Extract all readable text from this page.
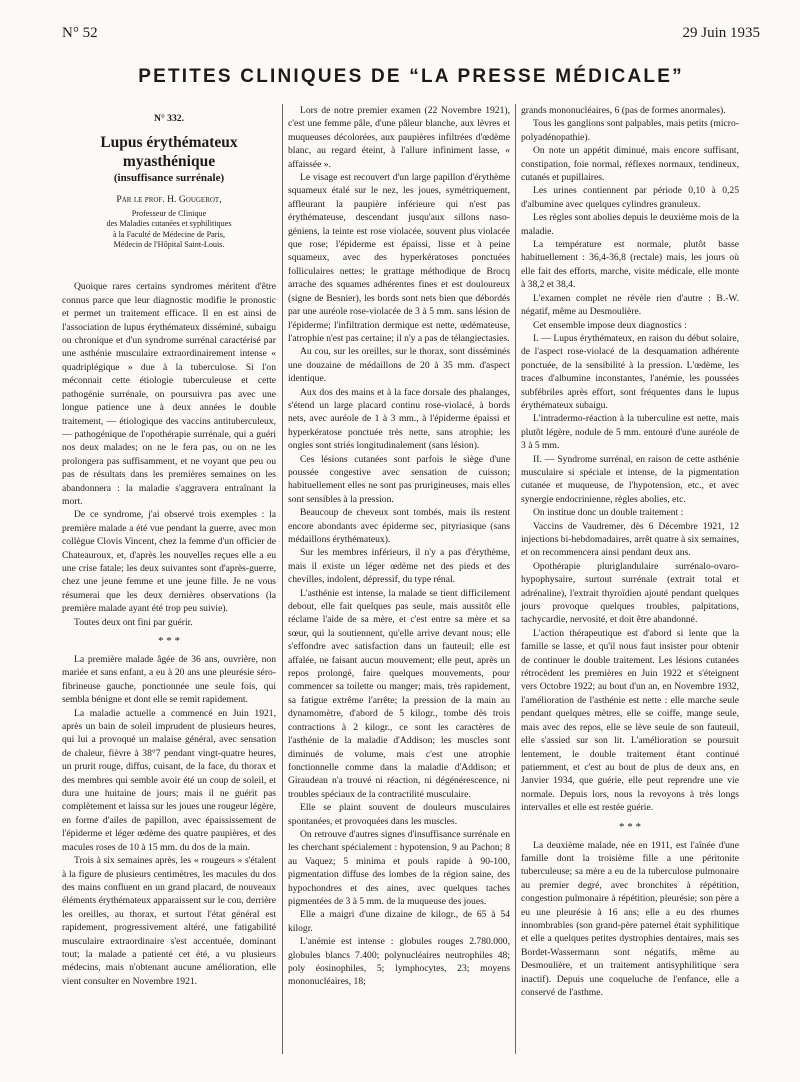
N° 52	29 Juin 1935
PETITES CLINIQUES DE “LA PRESSE MÉDICALE”

N° 332.

Lupus érythémateux

myasthénique

(insuffisance surrénale)

Par le prof. H. Gougerot,

Professeur de Clinique
des Maladies cutanées et syphilitiques
à la Faculté de Médecine de Paris,
Médecin de l'Hôpital Saint-Louis.

Quoique rares certains syndromes méritent d'être connus parce que leur diagnostic modifie le pronostic et permet un traitement efficace. Il en est ainsi de l'association de lupus érythémateux disséminé, subaigu ou chronique et d'un syndrome surrénal caractérisé par une asthénie musculaire extraordinairement intense « quadriplégique » due à la tuberculose. Si l'on méconnait cette étiologie tuberculeuse et cette pathogénie surrénale, on poursuivra pas avec une longue patience une à deux années le double traitement, — étiologique des vaccins antituberculeux, — pathogénique de l'opothérapie surrénale, qui a guéri nos deux malades; on ne le fera pas, ou on ne les prolongera pas suffisamment, et ne voyant que peu ou pas de résultats dans les premières semaines on les abandonnera : la maladie s'aggravera entraînant la mort.

De ce syndrome, j'ai observé trois exemples : la première malade a été vue pendant la guerre, avec mon collègue Clovis Vincent, chez la femme d'un officier de Chateauroux, et, d'après les nouvelles reçues elle a eu une crise fatale; les deux suivantes sont d'après-guerre, chez une jeune femme et une jeune fille. Je ne vous résumerai que les deux dernières observations (la première malade ayant été trop peu suivie).

Toutes deux ont fini par guérir.

* * *

La première malade âgée de 36 ans, ouvrière, non mariée et sans enfant, a eu à 20 ans une pleurésie séro-fibrineuse gauche, ponctionnée une seule fois, qui sembla bénigne et dont elle se remit rapidement.

La maladie actuelle a commencé en Juin 1921, après un bain de soleil imprudent de plusieurs heures, qui lui a provoqué un malaise général, avec sensation de chaleur, fièvre à 38°7 pendant vingt-quatre heures, un prurit rouge, diffus, cuisant, de la face, du thorax et des membres qui semble avoir été un coup de soleil, et dura une huitaine de jours; mais il ne guérit pas complètement et laissa sur les joues une rougeur légère, en forme d'ailes de papillon, avec épaississement de l'épiderme et léger œdème des quatre paupières, et des macules roses de 10 à 15 mm. du dos de la main.

Trois à six semaines après, les « rougeurs » s'étalent à la figure de plusieurs centimètres, les macules du dos des mains confluent en un grand placard, de nouveaux éléments érythémateux apparaissent sur le cou, derrière les oreilles, au thorax, et surtout l'état général est rapidement, progressivement altéré, une fatigabilité musculaire extraordinaire s'est accentuée, dominant tout; la malade a patienté cet été, a vu plusieurs médecins, mais n'obtenant aucune amélioration, elle vient consulter en Novembre 1921.

Lors de notre premier examen (22 Novembre 1921), c'est une femme pâle, d'une pâleur blanche, aux lèvres et muqueuses décolorées, aux paupières infiltrées d'œdème blanc, au regard éteint, à l'allure infiniment lasse, « affaissée ».

Le visage est recouvert d'un large papillon d'érythème squameux étalé sur le nez, les joues, symétriquement, affleurant la paupière inférieure qui n'est pas érythémateuse, descendant jusqu'aux sillons naso-géniens, la teinte est rose violacée, souvent plus violacée que rose; l'épiderme est épaissi, lisse et à peine squameux, avec des hyperkératoses ponctuées folliculaires nettes; le grattage méthodique de Brocq arrache des squames adhérentes fines et est douloureux (signe de Besnier), les bords sont nets bien que débordés par une auréole rose-violacée de 3 à 5 mm. sans lésion de l'épiderme; l'infiltration dermique est nette, œdémateuse, l'atrophie n'est pas certaine; il n'y a pas de télangiectasies.

Au cou, sur les oreilles, sur le thorax, sont disséminés une douzaine de médaillons de 20 à 35 mm. d'aspect identique.

Aux dos des mains et à la face dorsale des phalanges, s'étend un large placard continu rose-violacé, à bords nets, avec auréole de 1 à 3 mm., à l'épiderme épaissi et hyperkératose ponctuée très nette, sans atrophie; les ongles sont striés longitudinalement (sans lésion).

Ces lésions cutanées sont parfois le siège d'une poussée congestive avec sensation de cuisson; habituellement elles ne sont pas prurigineuses, mais elles sont sensibles à la pression.

Beaucoup de cheveux sont tombés, mais ils restent encore abondants avec épiderme sec, pityriasique (sans médaillons érythémateux).

Sur les membres inférieurs, il n'y a pas d'érythème, mais il existe un léger œdème net des pieds et des chevilles, indolent, dépressif, du type rénal.

L'asthénie est intense, la malade se tient difficilement debout, elle fait quelques pas seule, mais aussitôt elle réclame l'aide de sa mère, et c'est entre sa mère et sa sœur, qui la soutiennent, qu'elle arrive devant nous; elle s'effondre avec satisfaction dans un fauteuil; elle est affalée, ne faisant aucun mouvement; elle peut, après un repos prolongé, faire quelques mouvements, pour commencer sa toilette ou manger; mais, très rapidement, sa fatigue extrême l'arrête; la pression de la main au dynamomètre, d'abord de 5 kilogr., tombe dès trois contractions à 2 kilogr., ce sont les caractères de l'asthénie de la maladie d'Addison; les muscles sont diminués de volume, mais c'est une atrophie fonctionnelle comme dans la maladie d'Addison; et Giraudeau n'a trouvé ni réaction, ni dégénérescence, ni troubles spéciaux de la contractilité musculaire.

Elle se plaint souvent de douleurs musculaires spontanées, et provoquées dans les muscles.

On retrouve d'autres signes d'insuffisance surrénale en les cherchant spécialement : hypotension, 9 au Pachon; 8 au Vaquez; 5 minima et pouls rapide à 90-100, pigmentation diffuse des lombes de la région saine, des hypochondres et des aines, avec quelques taches pigmentées de 3 à 5 mm. de la muqueuse des joues.

Elle a maigri d'une dizaine de kilogr., de 65 à 54 kilogr.

L'anémie est intense : globules rouges 2.780.000, globules blancs 7.400; polynucléaires neutrophiles 48; poly éosinophiles, 5; lymphocytes, 23; moyens mononucléaires, 18;

grands mononucléaires, 6 (pas de formes anormales).

Tous les ganglions sont palpables, mais petits (micro-polyadénopathie).

On note un appétit diminué, mais encore suffisant, constipation, foie normal, réflexes normaux, tendineux, cutanés et pupillaires.

Les urines contiennent par période 0,10 à 0,25 d'albumine avec quelques cylindres granuleux.

Les règles sont abolies depuis le deuxième mois de la maladie.

La température est normale, plutôt basse habituellement : 36,4-36,8 (rectale) mais, les jours où elle fait des efforts, marche, visite médicale, elle monte à 38,2 et 38,4.

L'examen complet ne révèle rien d'autre : B.-W. négatif, même au Desmoulière.

Cet ensemble impose deux diagnostics :

I. — Lupus érythémateux, en raison du début solaire, de l'aspect rose-violacé de la desquamation adhérente ponctuée, de la sensibilité à la pression. L'œdème, les traces d'albumine inconstantes, l'anémie, les poussées subfébriles après effort, sont fréquentes dans le lupus érythémateux subaigu.

L'intradermo-réaction à la tuberculine est nette, mais plutôt légère, nodule de 5 mm. entouré d'une auréole de 3 à 5 mm.

II. — Syndrome surrénal, en raison de cette asthénie musculaire si spéciale et intense, de la pigmentation cutanée et muqueuse, de l'hypotension, etc., et avec synergie endocrinienne, règles abolies, etc.

On institue donc un double traitement :

Vaccins de Vaudremer, dès 6 Décembre 1921, 12 injections bi-hebdomadaires, arrêt quatre à six semaines, et on recommencera ainsi pendant deux ans.

Opothérapie pluriglandulaire surrénalo-ovaro-hypophysaire, surtout surrénale (extrait total et adrénaline), l'extrait thyroïdien ajouté pendant quelques jours provoque quelques troubles, palpitations, tachycardie, nervosité, et doit être abandonné.

L'action thérapeutique est d'abord si lente que la famille se lasse, et qu'il nous faut insister pour obtenir de continuer le double traitement. Les lésions cutanées rétrocèdent les premières en Juin 1922 et s'éteignent vers Octobre 1922; au bout d'un an, en Novembre 1932, l'amélioration de l'asthénie est nette : elle marche seule pendant quelques mètres, elle se coiffe, mange seule, mais avec des repos, elle se lève seule de son fauteuil, elle s'assied sur son lit. L'amélioration se poursuit lentement, le double traitement étant continué patiemment, et c'est au bout de plus de deux ans, en Janvier 1934, que guérie, elle peut reprendre une vie normale. Depuis lors, nous la revoyons à très longs intervalles et elle est restée guérie.

* * *

La deuxième malade, née en 1911, est l'aînée d'une famille dont la troisième fille a une péritonite tuberculeuse; sa mère a eu de la tuberculose pulmonaire au premier degré, avec bronchites à répétition, congestion pulmonaire à répétition, pleurésie; son père a eu une pleurésie à 16 ans; elle a eu des rhumes innombrables (son grand-père paternel était syphilitique et elle a quelques petites dystrophies dentaires, mais ses Bordet-Wassermann sont négatifs, même au Desmoulière, et un traitement antisyphilitique sera inactif). Depuis une coqueluche de l'enfance, elle a conservé de l'asthme.
